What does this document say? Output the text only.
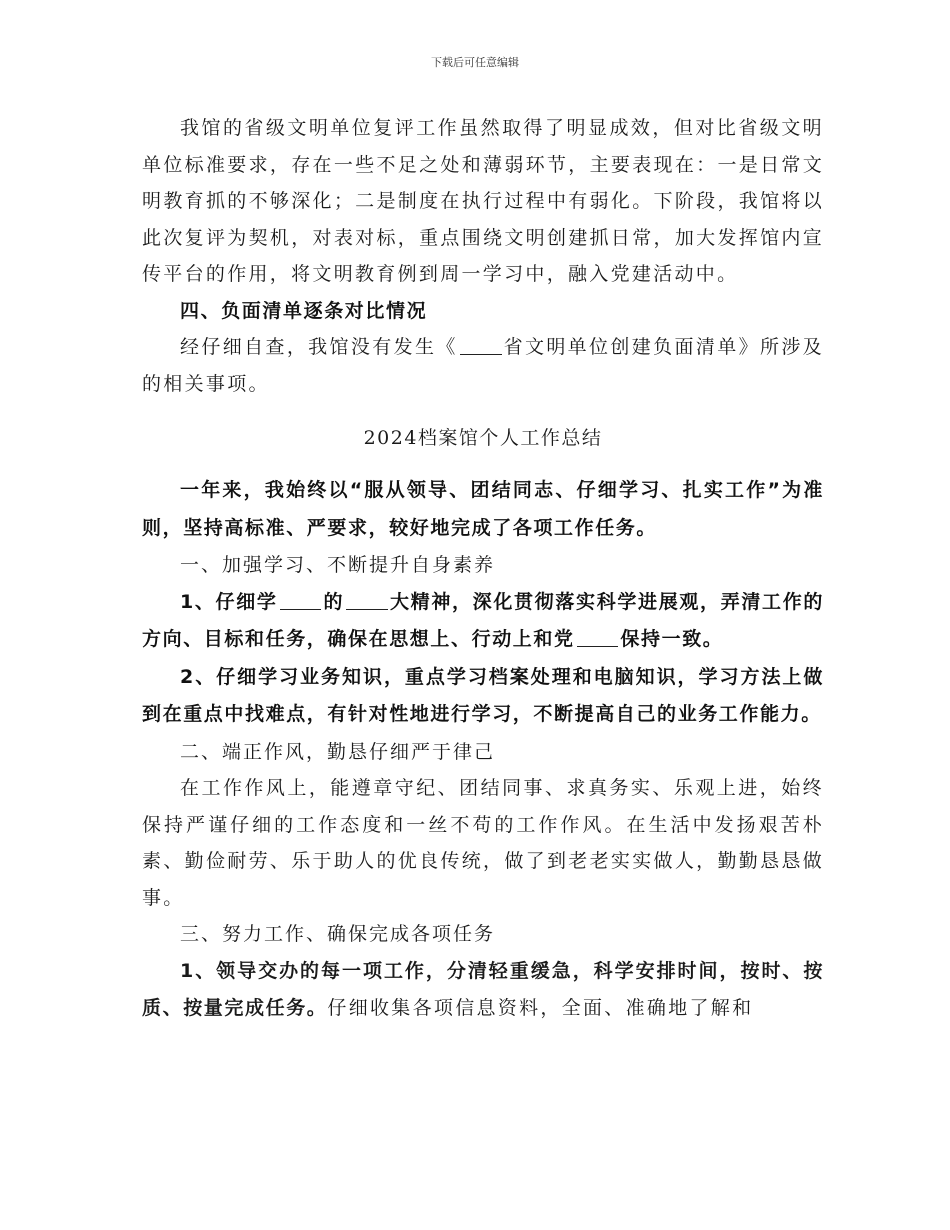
下载后可任意编辑

我馆的省级文明单位复评工作虽然取得了明显成效，但对比省级文明单位标准要求，存在一些不足之处和薄弱环节，主要表现在：一是日常文明教育抓的不够深化；二是制度在执行过程中有弱化。下阶段，我馆将以此次复评为契机，对表对标，重点围绕文明创建抓日常，加大发挥馆内宣传平台的作用，将文明教育例到周一学习中，融入党建活动中。

四、负面清单逐条对比情况

经仔细自查，我馆没有发生《 省文明单位创建负面清单》所涉及的相关事项。

2024档案馆个人工作总结

一年来，我始终以“服从领导、团结同志、仔细学习、扎实工作”为准则，坚持高标准、严要求，较好地完成了各项工作任务。

一、加强学习、不断提升自身素养

1、仔细学 的 大精神，深化贯彻落实科学进展观，弄清工作的方向、目标和任务，确保在思想上、行动上和党 保持一致。

2、仔细学习业务知识，重点学习档案处理和电脑知识，学习方法上做到在重点中找难点，有针对性地进行学习，不断提高自己的业务工作能力。

二、端正作风，勤恳仔细严于律己

在工作作风上，能遵章守纪、团结同事、求真务实、乐观上进，始终保持严谨仔细的工作态度和一丝不苟的工作作风。在生活中发扬艰苦朴素、勤俭耐劳、乐于助人的优良传统，做了到老老实实做人，勤勤恳恳做事。

三、努力工作、确保完成各项任务

1、领导交办的每一项工作，分清轻重缓急，科学安排时间，按时、按质、按量完成任务。仔细收集各项信息资料，全面、准确地了解和
